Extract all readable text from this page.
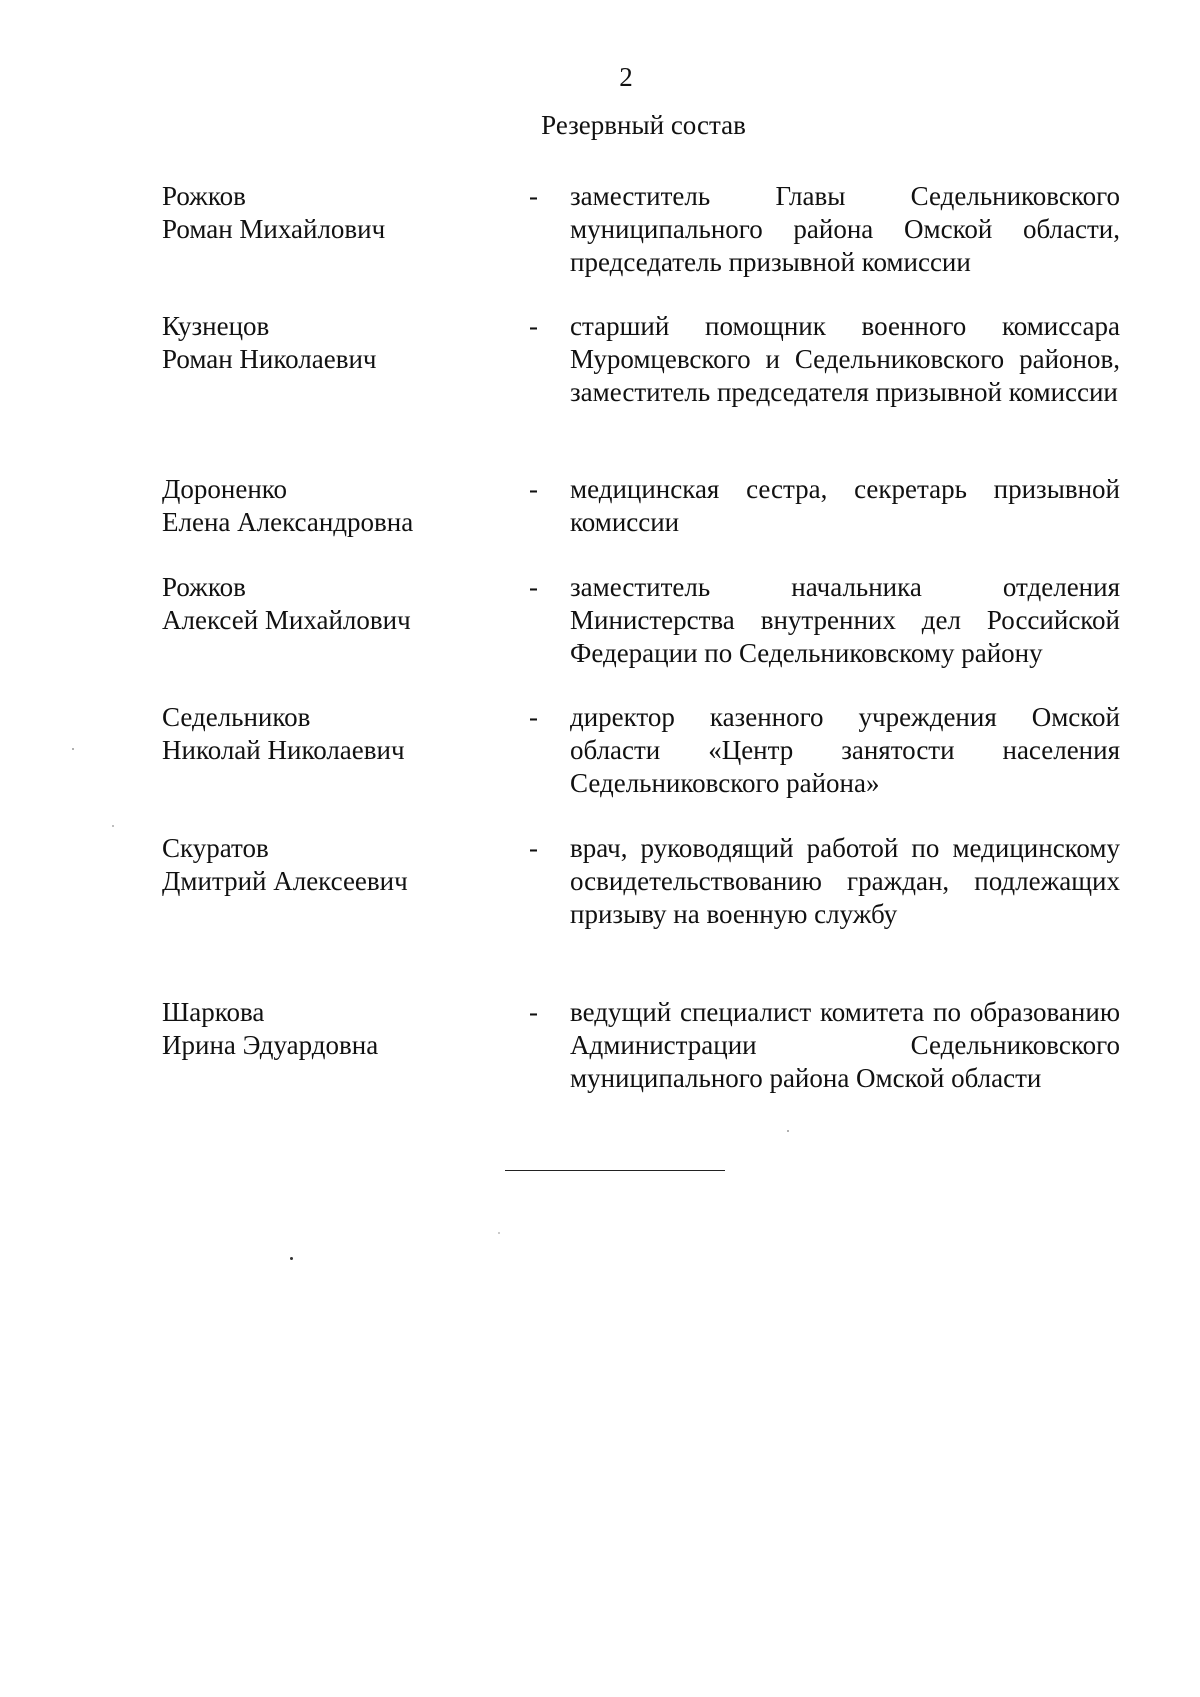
2
Резервный состав
Рожков
Роман Михайлович
- заместитель Главы Седельниковского муниципального района Омской области, председатель призывной комиссии
Кузнецов
Роман Николаевич
- старший помощник военного комиссара Муромцевского и Седельниковского районов, заместитель председателя призывной комиссии
Дороненко
Елена Александровна
- медицинская сестра, секретарь призывной комиссии
Рожков
Алексей Михайлович
- заместитель начальника отделения Министерства внутренних дел Российской Федерации по Седельниковскому району
Седельников
Николай Николаевич
- директор казенного учреждения Омской области «Центр занятости населения Седельниковского района»
Скуратов
Дмитрий Алексеевич
- врач, руководящий работой по медицинскому освидетельствованию граждан, подлежащих призыву на военную службу
Шаркова
Ирина Эдуардовна
- ведущий специалист комитета по образованию Администрации Седельниковского муниципального района Омской области
